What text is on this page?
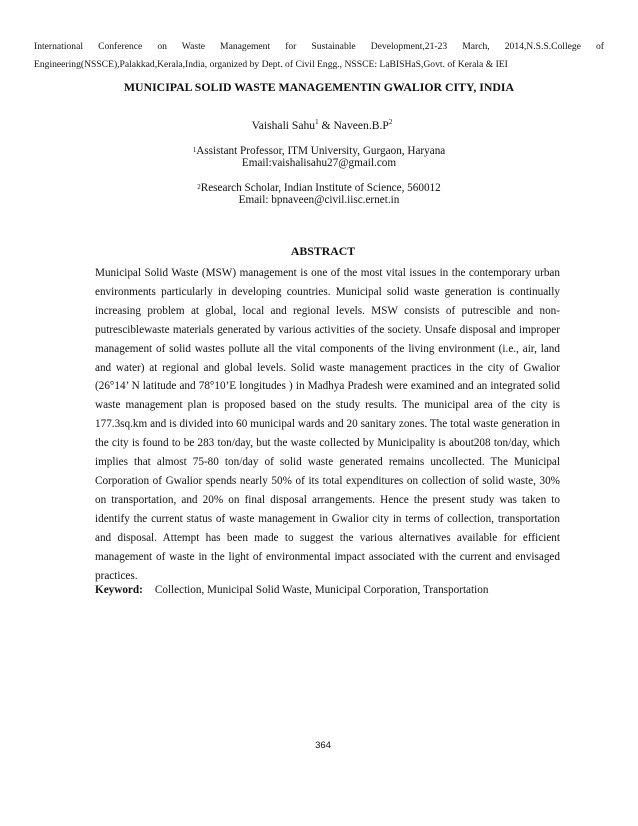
International Conference on Waste Management for Sustainable Development,21-23 March, 2014,N.S.S.College of Engineering(NSSCE),Palakkad,Kerala,India, organized by Dept. of Civil Engg., NSSCE: LaBISHaS,Govt. of Kerala & IEI
MUNICIPAL SOLID WASTE MANAGEMENTIN GWALIOR CITY, INDIA
Vaishali Sahu$^1$ & $Naveen.B.P^2$
$^1$Assistant Professor, ITM University, Gurgaon, Haryana
Email:vaishalisahu27@gmail.com
$^2$Research Scholar, Indian Institute of Science, 560012
Email: bpnaveen@civil.iisc.ernet.in
ABSTRACT
Municipal Solid Waste (MSW) management is one of the most vital issues in the contemporary urban environments particularly in developing countries. Municipal solid waste generation is continually increasing problem at global, local and regional levels. MSW consists of putrescible and non-putresciblewaste materials generated by various activities of the society. Unsafe disposal and improper management of solid wastes pollute all the vital components of the living environment (i.e., air, land and water) at regional and global levels. Solid waste management practices in the city of Gwalior (26°14’ N latitude and 78°10’E longitudes ) in Madhya Pradesh were examined and an integrated solid waste management plan is proposed based on the study results. The municipal area of the city is 177.3sq.km and is divided into 60 municipal wards and 20 sanitary zones. The total waste generation in the city is found to be 283 ton/day, but the waste collected by Municipality is about208 ton/day, which implies that almost 75-80 ton/day of solid waste generated remains uncollected. The Municipal Corporation of Gwalior spends nearly 50% of its total expenditures on collection of solid waste, 30% on transportation, and 20% on final disposal arrangements. Hence the present study was taken to identify the current status of waste management in Gwalior city in terms of collection, transportation and disposal. Attempt has been made to suggest the various alternatives available for efficient management of waste in the light of environmental impact associated with the current and envisaged practices.
Keyword: Collection, Municipal Solid Waste, Municipal Corporation, Transportation
364
